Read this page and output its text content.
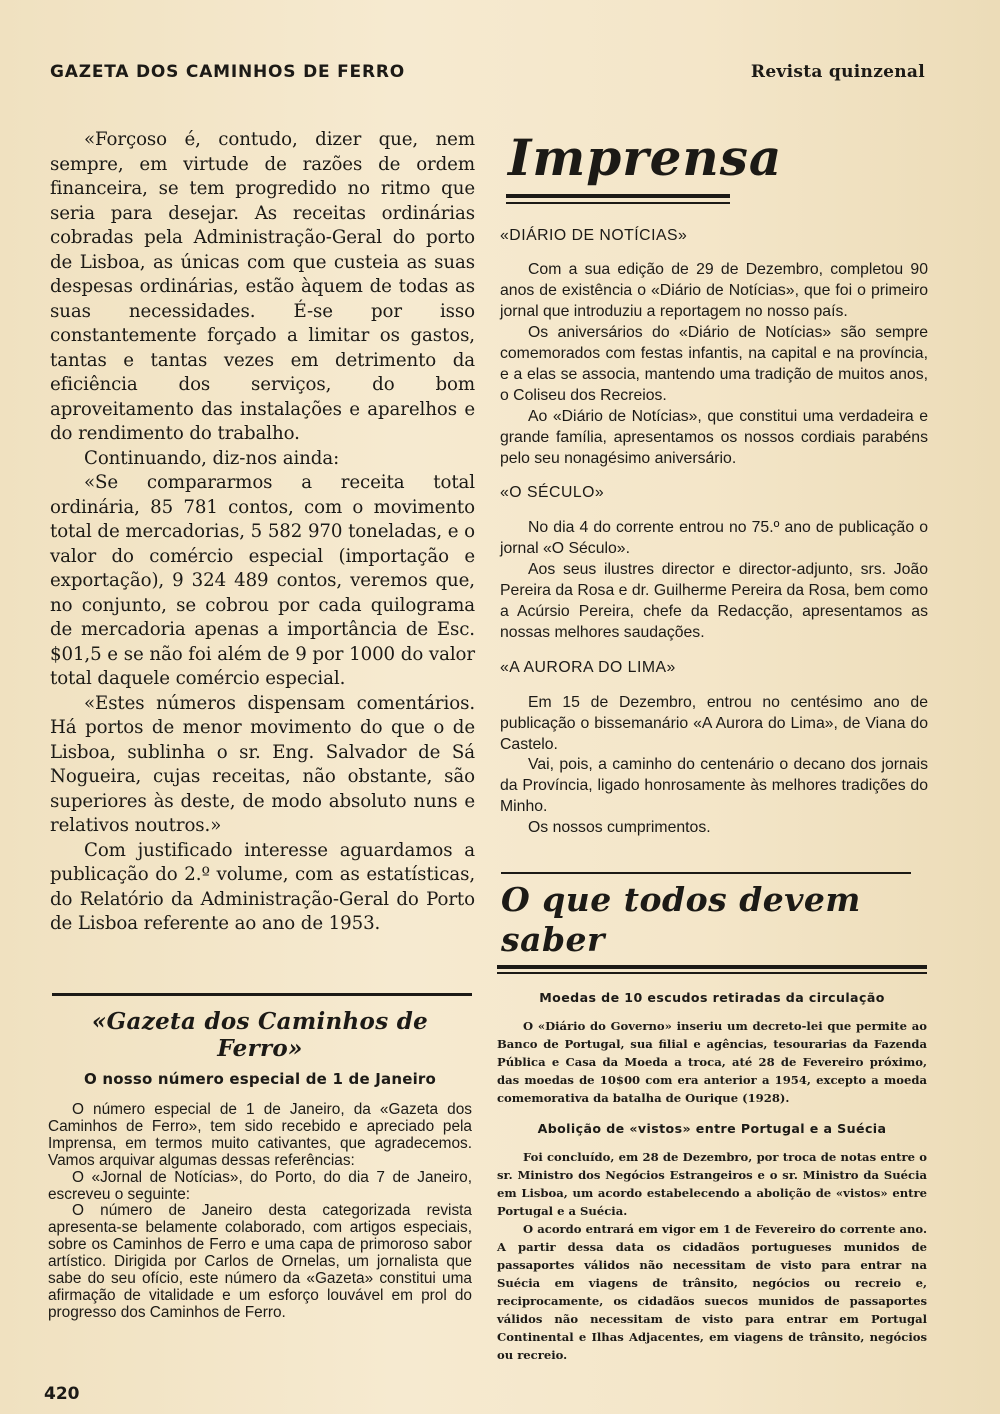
GAZETA DOS CAMINHOS DE FERRO	Revista quinzenal

«Forçoso é, contudo, dizer que, nem sempre, em virtude de razões de ordem financeira, se tem progredido no ritmo que seria para desejar. As receitas ordinárias cobradas pela Administração-Geral do porto de Lisboa, as únicas com que custeia as suas despesas ordinárias, estão àquem de todas as suas necessidades. É-se por isso constantemente forçado a limitar os gastos, tantas e tantas vezes em detrimento da eficiência dos serviços, do bom aproveitamento das instalações e aparelhos e do rendimento do trabalho.

Continuando, diz-nos ainda:

«Se compararmos a receita total ordinária, 85 781 contos, com o movimento total de mercadorias, 5 582 970 toneladas, e o valor do comércio especial (importação e exportação), 9 324 489 contos, veremos que, no conjunto, se cobrou por cada quilograma de mercadoria apenas a importância de Esc. $01,5 e se não foi além de 9 por 1000 do valor total daquele comércio especial.

«Estes números dispensam comentários. Há portos de menor movimento do que o de Lisboa, sublinha o sr. Eng. Salvador de Sá Nogueira, cujas receitas, não obstante, são superiores às deste, de modo absoluto nuns e relativos noutros.»

Com justificado interesse aguardamos a publicação do 2.º volume, com as estatísticas, do Relatório da Administração-Geral do Porto de Lisboa referente ao ano de 1953.

«Gazeta dos Caminhos de Ferro»
O nosso número especial de 1 de Janeiro

O número especial de 1 de Janeiro, da «Gazeta dos Caminhos de Ferro», tem sido recebido e apreciado pela Imprensa, em termos muito cativantes, que agradecemos. Vamos arquivar algumas dessas referências:

O «Jornal de Notícias», do Porto, do dia 7 de Janeiro, escreveu o seguinte:

O número de Janeiro desta categorizada revista apresenta-se belamente colaborado, com artigos especiais, sobre os Caminhos de Ferro e uma capa de primoroso sabor artístico. Dirigida por Carlos de Ornelas, um jornalista que sabe do seu ofício, este número da «Gazeta» constitui uma afirmação de vitalidade e um esforço louvável em prol do progresso dos Caminhos de Ferro.

Imprensa

«DIÁRIO DE NOTÍCIAS»

Com a sua edição de 29 de Dezembro, completou 90 anos de existência o «Diário de Notícias», que foi o primeiro jornal que introduziu a reportagem no nosso país.

Os aniversários do «Diário de Notícias» são sempre comemorados com festas infantis, na capital e na província, e a elas se associa, mantendo uma tradição de muitos anos, o Coliseu dos Recreios.

Ao «Diário de Notícias», que constitui uma verdadeira e grande família, apresentamos os nossos cordiais parabéns pelo seu nonagésimo aniversário.

«O SÉCULO»

No dia 4 do corrente entrou no 75.º ano de publicação o jornal «O Século».

Aos seus ilustres director e director-adjunto, srs. João Pereira da Rosa e dr. Guilherme Pereira da Rosa, bem como a Acúrsio Pereira, chefe da Redacção, apresentamos as nossas melhores saudações.

«A AURORA DO LIMA»

Em 15 de Dezembro, entrou no centésimo ano de publicação o bissemanário «A Aurora do Lima», de Viana do Castelo.

Vai, pois, a caminho do centenário o decano dos jornais da Província, ligado honrosamente às melhores tradições do Minho.

Os nossos cumprimentos.

O que todos devem saber
Moedas de 10 escudos retiradas da circulação

O «Diário do Governo» inseriu um decreto-lei que permite ao Banco de Portugal, sua filial e agências, tesourarias da Fazenda Pública e Casa da Moeda a troca, até 28 de Fevereiro próximo, das moedas de 10$00 com era anterior a 1954, excepto a moeda comemorativa da batalha de Ourique (1928).

Abolição de «vistos» entre Portugal e a Suécia

Foi concluído, em 28 de Dezembro, por troca de notas entre o sr. Ministro dos Negócios Estrangeiros e o sr. Ministro da Suécia em Lisboa, um acordo estabelecendo a abolição de «vistos» entre Portugal e a Suécia.

O acordo entrará em vigor em 1 de Fevereiro do corrente ano. A partir dessa data os cidadãos portugueses munidos de passaportes válidos não necessitam de visto para entrar na Suécia em viagens de trânsito, negócios ou recreio e, reciprocamente, os cidadãos suecos munidos de passaportes válidos não necessitam de visto para entrar em Portugal Continental e Ilhas Adjacentes, em viagens de trânsito, negócios ou recreio.

420
